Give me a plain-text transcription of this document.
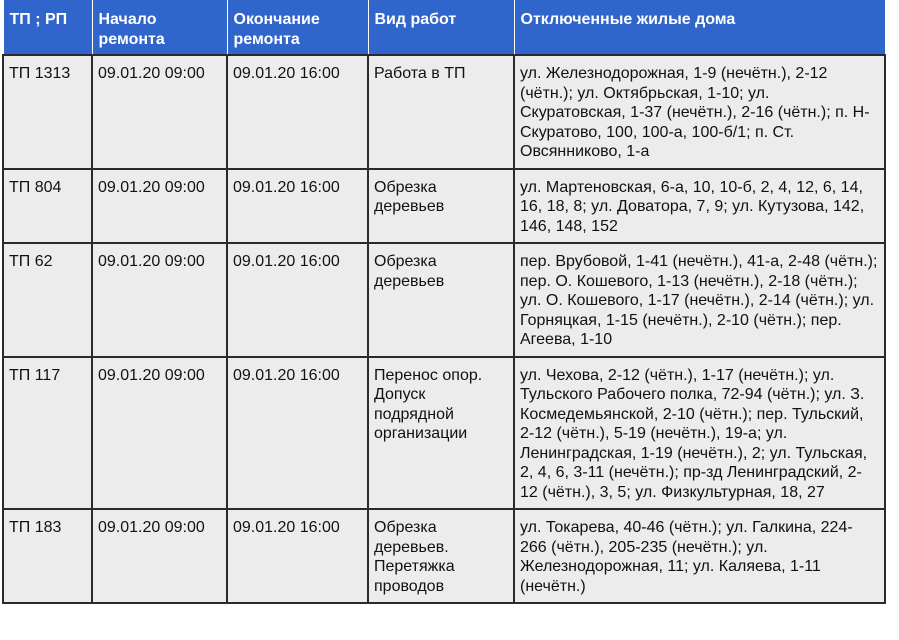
ТП ; РП	Начало ремонта	Окончание ремонта	Вид работ	Отключенные жилые дома
ТП 1313	09.01.20 09:00	09.01.20 16:00	Работа в ТП	ул. Железнодорожная, 1-9 (нечётн.), 2-12 (чётн.); ул. Октябрьская, 1-10; ул. Скуратовская, 1-37 (нечётн.), 2-16 (чётн.); п. Н-Скуратово, 100, 100-а, 100-б/1; п. Ст. Овсянниково, 1-а
ТП 804	09.01.20 09:00	09.01.20 16:00	Обрезка деревьев	ул. Мартеновская, 6-а, 10, 10-б, 2, 4, 12, 6, 14, 16, 18, 8; ул. Доватора, 7, 9; ул. Кутузова, 142, 146, 148, 152
ТП 62	09.01.20 09:00	09.01.20 16:00	Обрезка деревьев	пер. Врубовой, 1-41 (нечётн.), 41-а, 2-48 (чётн.); пер. О. Кошевого, 1-13 (нечётн.), 2-18 (чётн.); ул. О. Кошевого, 1-17 (нечётн.), 2-14 (чётн.); ул. Горняцкая, 1-15 (нечётн.), 2-10 (чётн.); пер. Агеева, 1-10
ТП 117	09.01.20 09:00	09.01.20 16:00	Перенос опор. Допуск подрядной организации	ул. Чехова, 2-12 (чётн.), 1-17 (нечётн.); ул. Тульского Рабочего полка, 72-94 (чётн.); ул. З. Космедемьянской, 2-10 (чётн.); пер. Тульский, 2-12 (чётн.), 5-19 (нечётн.), 19-а; ул. Ленинградская, 1-19 (нечётн.), 2; ул. Тульская, 2, 4, 6, 3-11 (нечётн.); пр-зд Ленинградский, 2-12 (чётн.), 3, 5; ул. Физкультурная, 18, 27
ТП 183	09.01.20 09:00	09.01.20 16:00	Обрезка деревьев. Перетяжка проводов	ул. Токарева, 40-46 (чётн.); ул. Галкина, 224-266 (чётн.), 205-235 (нечётн.); ул. Железнодорожная, 11; ул. Каляева, 1-11 (нечётн.)
